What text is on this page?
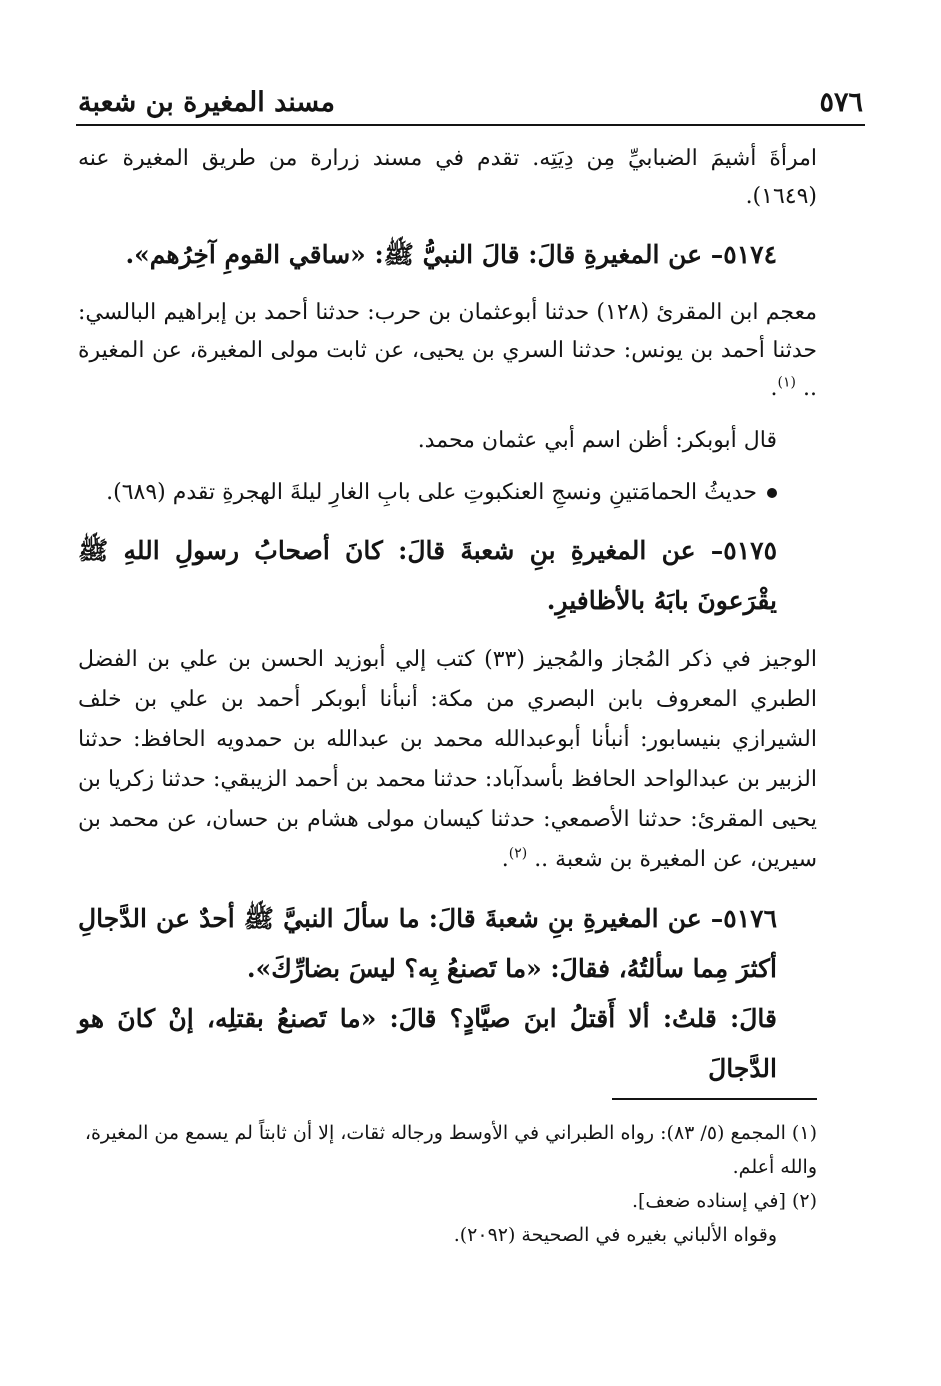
٥٧٦
مسند المغيرة بن شعبة

امرأةَ أشيمَ الضبابيِّ مِن دِيَتِه. تقدم في مسند زرارة من طريق المغيرة عنه (١٦٤٩).

٥١٧٤– عن المغيرةِ قالَ: قالَ النبيُّ ﷺ: «ساقي القومِ آخِرُهم».

معجم ابن المقرئ (١٢٨) حدثنا أبوعثمان بن حرب: حدثنا أحمد بن إبراهيم البالسي: حدثنا أحمد بن يونس: حدثنا السري بن يحيى، عن ثابت مولى المغيرة، عن المغيرة .. $^{(١)}$.

قال أبوبكر: أظن اسم أبي عثمان محمد.

حديثُ الحمامَتينِ ونسجِ العنكبوتِ على بابِ الغارِ ليلةَ الهجرةِ تقدم (٦٨٩).

٥١٧٥– عن المغيرةِ بنِ شعبةَ قالَ: كانَ أصحابُ رسولِ اللهِ ﷺ يقْرَعونَ بابَهُ بالأظافيرِ.

الوجيز في ذكر المُجاز والمُجيز (٣٣) كتب إلي أبوزيد الحسن بن علي بن الفضل الطبري المعروف بابن البصري من مكة: أنبأنا أبوبكر أحمد بن علي بن خلف الشيرازي بنيسابور: أنبأنا أبوعبدالله محمد بن عبدالله بن حمدويه الحافظ: حدثنا الزبير بن عبدالواحد الحافظ بأسدآباد: حدثنا محمد بن أحمد الزيبقي: حدثنا زكريا بن يحيى المقرئ: حدثنا الأصمعي: حدثنا كيسان مولى هشام بن حسان، عن محمد بن سيرين، عن المغيرة بن شعبة .. $^{(٢)}$.

٥١٧٦– عن المغيرةِ بنِ شعبةَ قالَ: ما سألَ النبيَّ ﷺ أحدٌ عن الدَّجالِ أكثرَ مِما سألتُهُ، فقالَ: «ما تَصنعُ بِه؟ ليسَ بضارِّكَ».

قالَ: قلتُ: ألا أَقتلُ ابنَ صيَّادٍ؟ قالَ: «ما تَصنعُ بقتلِه، إنْ كانَ هو الدَّجالَ

(١) المجمع (٥/ ٨٣): رواه الطبراني في الأوسط ورجاله ثقات، إلا أن ثابتاً لم يسمع من المغيرة، والله أعلم.

(٢) [في إسناده ضعف].

وقواه الألباني بغيره في الصحيحة (٢٠٩٢).
